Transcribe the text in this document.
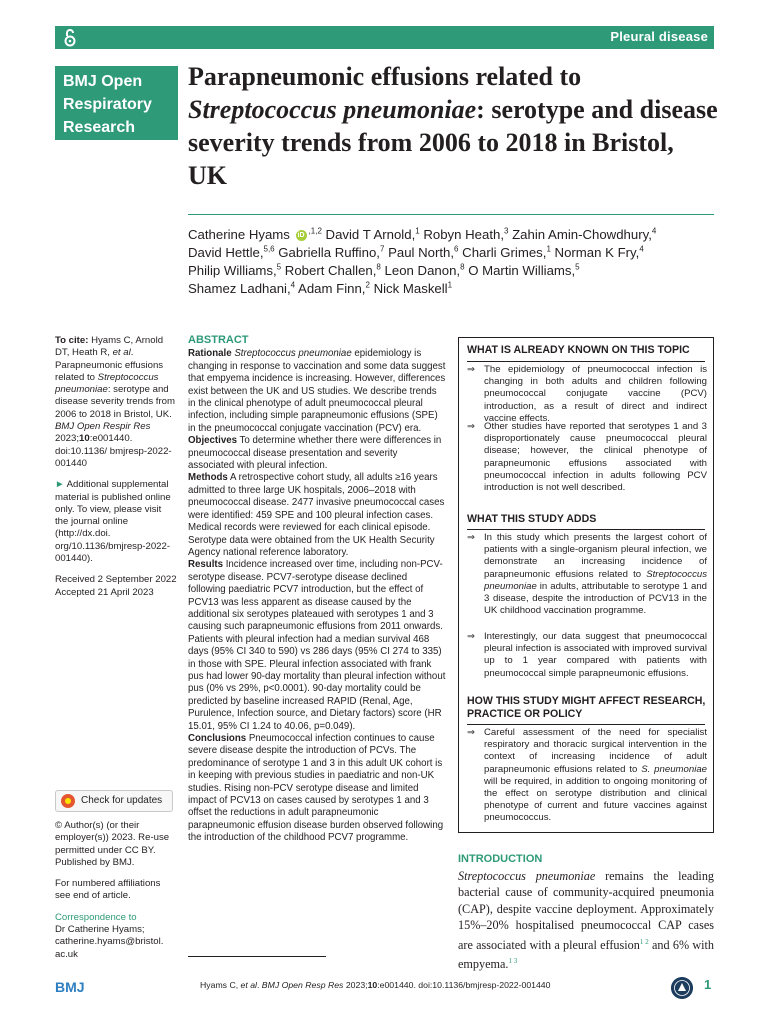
Pleural disease
BMJ Open
Respiratory
Research
Parapneumonic effusions related to Streptococcus pneumoniae: serotype and disease severity trends from 2006 to 2018 in Bristol, UK
Catherine Hyams iD $^{,1,2}$ David T Arnold,$^1$ Robyn Heath,$^3$ Zahin Amin-Chowdhury,$^4$
David Hettle,$^{5,6}$ Gabriella Ruffino,$^7$ Paul North,$^6$ Charli Grimes,$^1$ Norman K Fry,$^4$
Philip Williams,$^5$ Robert Challen,$^8$ Leon Danon,$^8$ O Martin Williams,$^5$
Shamez Ladhani,$^4$ Adam Finn,$^2$ Nick Maskell$^1$

To cite: Hyams C, Arnold DT, Heath R, et al. Parapneumonic effusions related to Streptococcus pneumoniae: serotype and disease severity trends from 2006 to 2018 in Bristol, UK. BMJ Open Respir Res 2023;10:e001440. doi:10.1136/ bmjresp-2022-001440

► Additional supplemental material is published online only. To view, please visit the journal online (http://dx.doi. org/10.1136/bmjresp-2022-001440).

Received 2 September 2022

Accepted 21 April 2023

Check for updates

© Author(s) (or their employer(s)) 2023. Re-use permitted under CC BY. Published by BMJ.

For numbered affiliations see end of article.

Correspondence to

Dr Catherine Hyams; catherine.hyams@bristol. ac.uk

ABSTRACT

Rationale Streptococcus pneumoniae epidemiology is changing in response to vaccination and some data suggest that empyema incidence is increasing. However, differences exist between the UK and US studies. We describe trends in the clinical phenotype of adult pneumococcal pleural infection, including simple parapneumonic effusions (SPE) in the pneumococcal conjugate vaccination (PCV) era.

Objectives To determine whether there were differences in pneumococcal disease presentation and severity associated with pleural infection.

Methods A retrospective cohort study, all adults ≥16 years admitted to three large UK hospitals, 2006–2018 with pneumococcal disease. 2477 invasive pneumococcal cases were identified: 459 SPE and 100 pleural infection cases. Medical records were reviewed for each clinical episode. Serotype data were obtained from the UK Health Security Agency national reference laboratory.

Results Incidence increased over time, including non-PCV-serotype disease. PCV7-serotype disease declined following paediatric PCV7 introduction, but the effect of PCV13 was less apparent as disease caused by the additional six serotypes plateaued with serotypes 1 and 3 causing such parapneumonic effusions from 2011 onwards.

Patients with pleural infection had a median survival 468 days (95% CI 340 to 590) vs 286 days (95% CI 274 to 335) in those with SPE. Pleural infection associated with frank pus had lower 90-day mortality than pleural infection without pus (0% vs 29%, p<0.0001). 90-day mortality could be predicted by baseline increased RAPID (Renal, Age, Purulence, Infection source, and Dietary factors) score (HR 15.01, 95% CI 1.24 to 40.06, p=0.049).

Conclusions Pneumococcal infection continues to cause severe disease despite the introduction of PCVs. The predominance of serotype 1 and 3 in this adult UK cohort is in keeping with previous studies in paediatric and non-UK studies. Rising non-PCV serotype disease and limited impact of PCV13 on cases caused by serotypes 1 and 3 offset the reductions in adult parapneumonic parapneumonic effusion disease burden observed following the introduction of the childhood PCV7 programme.

WHAT IS ALREADY KNOWN ON THIS TOPIC
⇒ The epidemiology of pneumococcal infection is changing in both adults and children following pneumococcal conjugate vaccine (PCV) introduction, as a result of direct and indirect vaccine effects.
⇒ Other studies have reported that serotypes 1 and 3 disproportionately cause pneumococcal pleural disease; however, the clinical phenotype of parapneumonic effusions associated with pneumococcal infection in adults following PCV introduction is not well described.
WHAT THIS STUDY ADDS
⇒ In this study which presents the largest cohort of patients with a single-organism pleural infection, we demonstrate an increasing incidence of parapneumonic effusions related to Streptococcus pneumoniae in adults, attributable to serotype 1 and 3 disease, despite the introduction of PCV13 in the UK childhood vaccination programme.
⇒ Interestingly, our data suggest that pneumococcal pleural infection is associated with improved survival up to 1 year compared with patients with pneumococcal simple parapneumonic effusions.
HOW THIS STUDY MIGHT AFFECT RESEARCH,
PRACTICE OR POLICY
⇒ Careful assessment of the need for specialist respiratory and thoracic surgical intervention in the context of increasing incidence of adult parapneumonic effusions related to S. pneumoniae will be required, in addition to ongoing monitoring of the effect on serotype distribution and clinical phenotype of current and future vaccines against pneumococcus.
INTRODUCTION

Streptococcus pneumoniae remains the leading bacterial cause of community-acquired pneumonia (CAP), despite vaccine deployment. Approximately 15%–20% hospitalised pneumococcal CAP cases are associated with a pleural effusion$^{1 2}$ and 6% with empyema.$^{1 3}$

BMJ	Hyams C, et al. BMJ Open Resp Res 2023;10:e001440. doi:10.1136/bmjresp-2022-001440	1
